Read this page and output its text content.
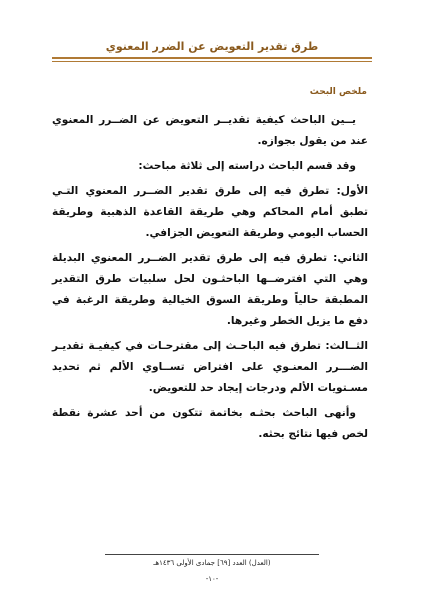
طرق تقدير التعويض عن الضرر المعنوي
ملخص البحث

يــين الباحث كيفية تقديــر التعويض عن الضــرر المعنوي عند من يقول بجوازه.

وقد قسم الباحث دراسته إلى ثلاثة مباحث:

الأول: تطرق فيه إلى طرق تقدير الضــرر المعنوي التـي تطبق أمام المحاكم وهي طريقة القاعدة الذهبية وطريقة الحساب اليومي وطريقة التعويض الجزافي.

الثاني: تطرق فيه إلى طرق تقدير الضــرر المعنوي البديلة وهي التي افترضــها الباحثـون لحل سلبيات طرق التقدير المطبقة حالياً وطريقة السوق الخيالية وطريقة الرغبة في دفع ما يزيل الخطر وغيرها.

الثــالث: تطرق فيه الباحـث إلى مقترحـات في كيفيـة تقديـر الضـــرر المعنـوي على افتراض تســاوي الألم ثم تحديد مسـتويات الألم ودرجات إيجاد حد للتعويض.

وأنهى الباحث بحثـه بخاتمة تتكون من أحد عشرة نقطة لخص فيها نتائج بحثه.

(العدل) العدد [٦٩] جمادى الأولى ١٤٣٦هـ
-١٠-
